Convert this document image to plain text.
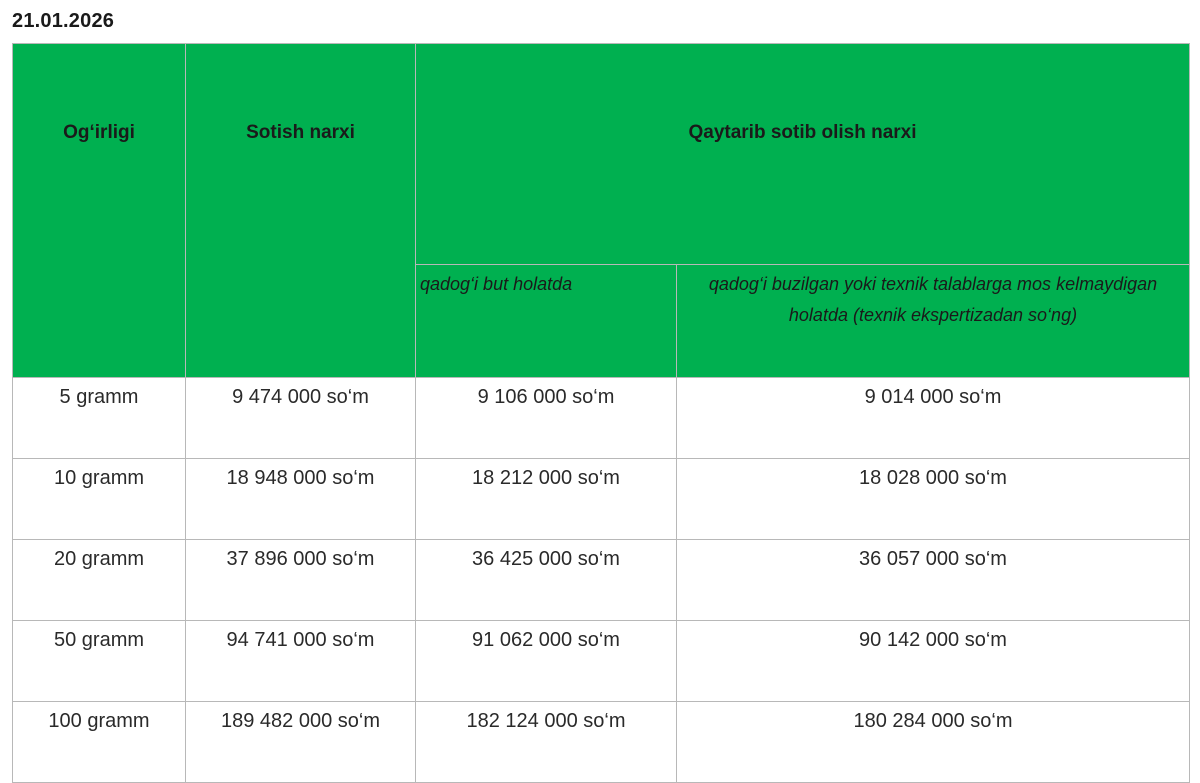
21.01.2026
Og‘irligi	Sotish narxi	Qaytarib sotib olish narxi	
		qadog‘i but holatda	qadog‘i buzilgan yoki texnik talablarga mos kelmaydigan holatda (texnik ekspertizadan so‘ng)
5 gramm	9 474 000 so‘m	9 106 000 so‘m	9 014 000 so‘m
10 gramm	18 948 000 so‘m	18 212 000 so‘m	18 028 000 so‘m
20 gramm	37 896 000 so‘m	36 425 000 so‘m	36 057 000 so‘m
50 gramm	94 741 000 so‘m	91 062 000 so‘m	90 142 000 so‘m
100 gramm	189 482 000 so‘m	182 124 000 so‘m	180 284 000 so‘m
